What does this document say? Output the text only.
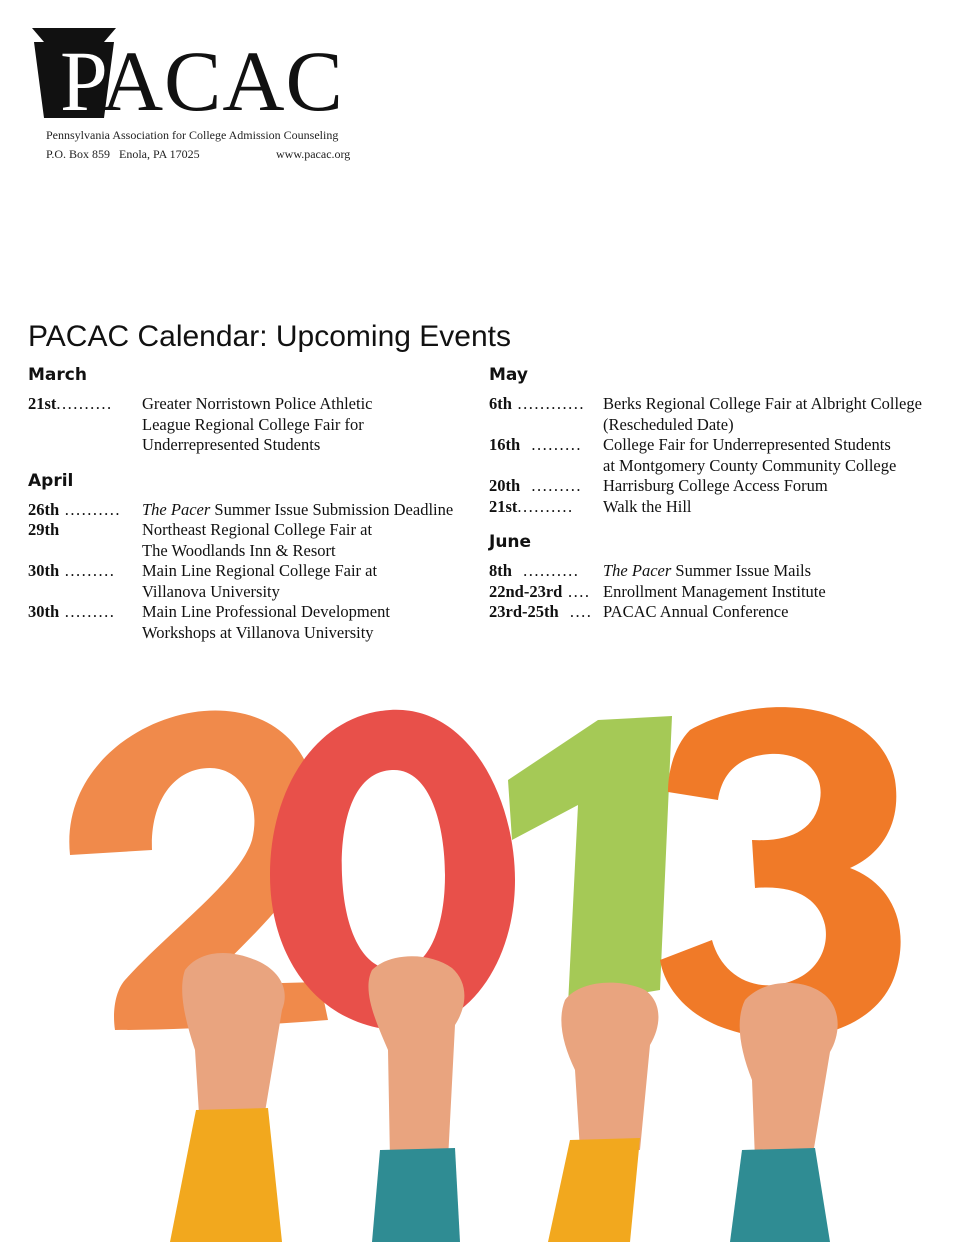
PACAC
Pennsylvania Association for College Admission Counseling
P.O. Box 859   Enola, PA 17025	www.pacac.org
PACAC Calendar: Upcoming Events
March
21st..........	Greater Norristown Police Athletic
League Regional College Fair for
Underrepresented Students
April
26th ..........	The Pacer Summer Issue Submission Deadline
29th	Northeast Regional College Fair at
The Woodlands Inn & Resort
30th .........	Main Line Regional College Fair at
Villanova University
30th .........	Main Line Professional Development
Workshops at Villanova University
May
6th ............	Berks Regional College Fair at Albright College
(Rescheduled Date)
16th  .........	College Fair for Underrepresented Students
at Montgomery County Community College
20th  .........	Harrisburg College Access Forum
21st..........	Walk the Hill
June
8th  ..........	The Pacer Summer Issue Mails
22nd-23rd .... Enrollment Management Institute
23rd-25th  .... PACAC Annual Conference
